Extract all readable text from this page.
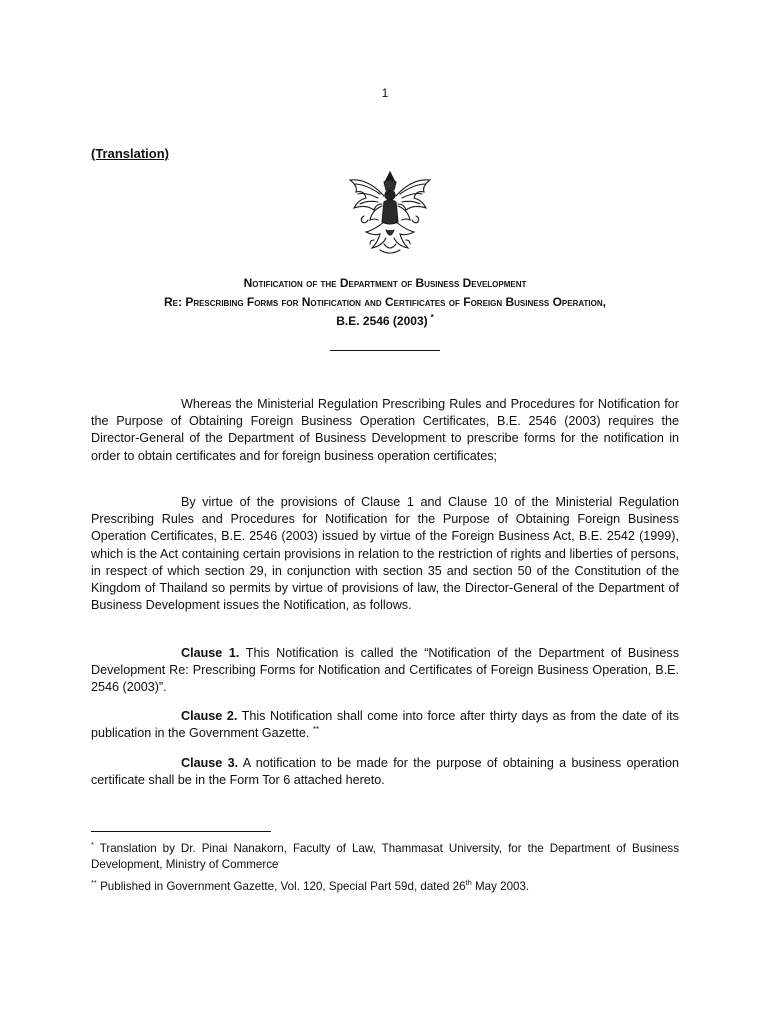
1
(Translation)
Notification of the Department of Business Development
Re: Prescribing Forms for Notification and Certificates of Foreign Business Operation,
B.E. 2546 (2003) *
Whereas the Ministerial Regulation Prescribing Rules and Procedures for Notification for the Purpose of Obtaining Foreign Business Operation Certificates, B.E. 2546 (2003) requires the Director-General of the Department of Business Development to prescribe forms for the notification in order to obtain certificates and for foreign business operation certificates;
By virtue of the provisions of Clause 1 and Clause 10 of the Ministerial Regulation Prescribing Rules and Procedures for Notification for the Purpose of Obtaining Foreign Business Operation Certificates, B.E. 2546 (2003) issued by virtue of the Foreign Business Act, B.E. 2542 (1999), which is the Act containing certain provisions in relation to the restriction of rights and liberties of persons, in respect of which section 29, in conjunction with section 35 and section 50 of the Constitution of the Kingdom of Thailand so permits by virtue of provisions of law, the Director-General of the Department of Business Development issues the Notification, as follows.
Clause 1. This Notification is called the “Notification of the Department of Business Development Re: Prescribing Forms for Notification and Certificates of Foreign Business Operation, B.E. 2546 (2003)”.
Clause 2. This Notification shall come into force after thirty days as from the date of its publication in the Government Gazette. **
Clause 3. A notification to be made for the purpose of obtaining a business operation certificate shall be in the Form Tor 6 attached hereto.
* Translation by Dr. Pinai Nanakorn, Faculty of Law, Thammasat University, for the Department of Business Development, Ministry of Commerce
** Published in Government Gazette, Vol. 120, Special Part 59d, dated 26th May 2003.
